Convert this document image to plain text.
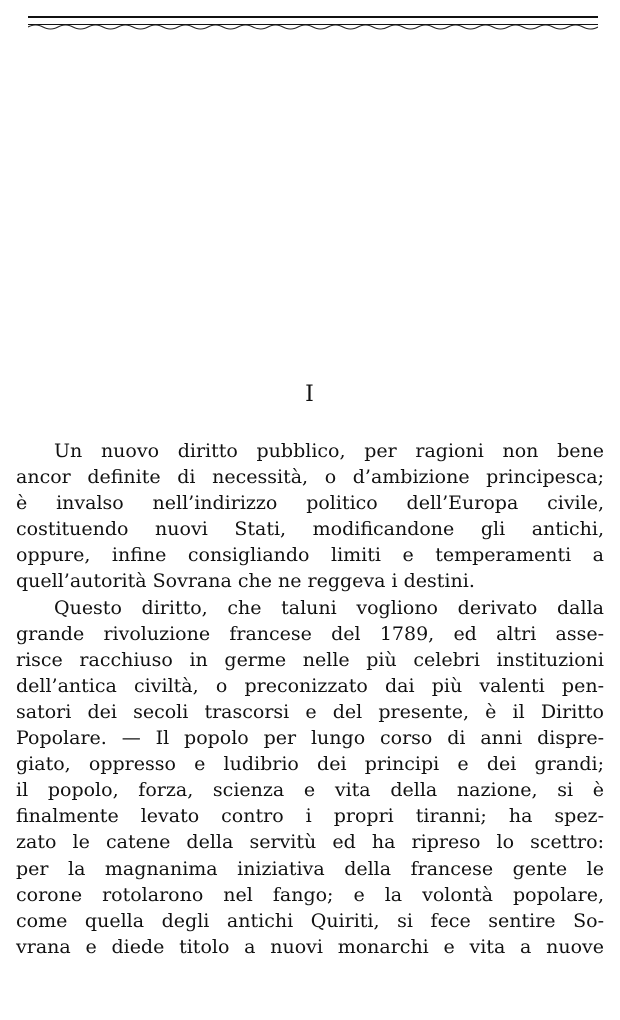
I
Un nuovo diritto pubblico, per ragioni non bene
ancor definite di necessità, o d’ambizione principesca;
è invalso nell’indirizzo politico dell’Europa civile,
costituendo nuovi Stati, modificandone gli antichi,
oppure, infine consigliando limiti e temperamenti a
quell’autorità Sovrana che ne reggeva i destini.
Questo diritto, che taluni vogliono derivato dalla
grande rivoluzione francese del 1789, ed altri asse-
risce racchiuso in germe nelle più celebri instituzioni
dell’antica civiltà, o preconizzato dai più valenti pen-
satori dei secoli trascorsi e del presente, è il Diritto
Popolare. — Il popolo per lungo corso di anni dispre-
giato, oppresso e ludibrio dei principi e dei grandi;
il popolo, forza, scienza e vita della nazione, si è
finalmente levato contro i propri tiranni; ha spez-
zato le catene della servitù ed ha ripreso lo scettro:
per la magnanima iniziativa della francese gente le
corone rotolarono nel fango; e la volontà popolare,
come quella degli antichi Quiriti, si fece sentire So-
vrana e diede titolo a nuovi monarchi e vita a nuove
